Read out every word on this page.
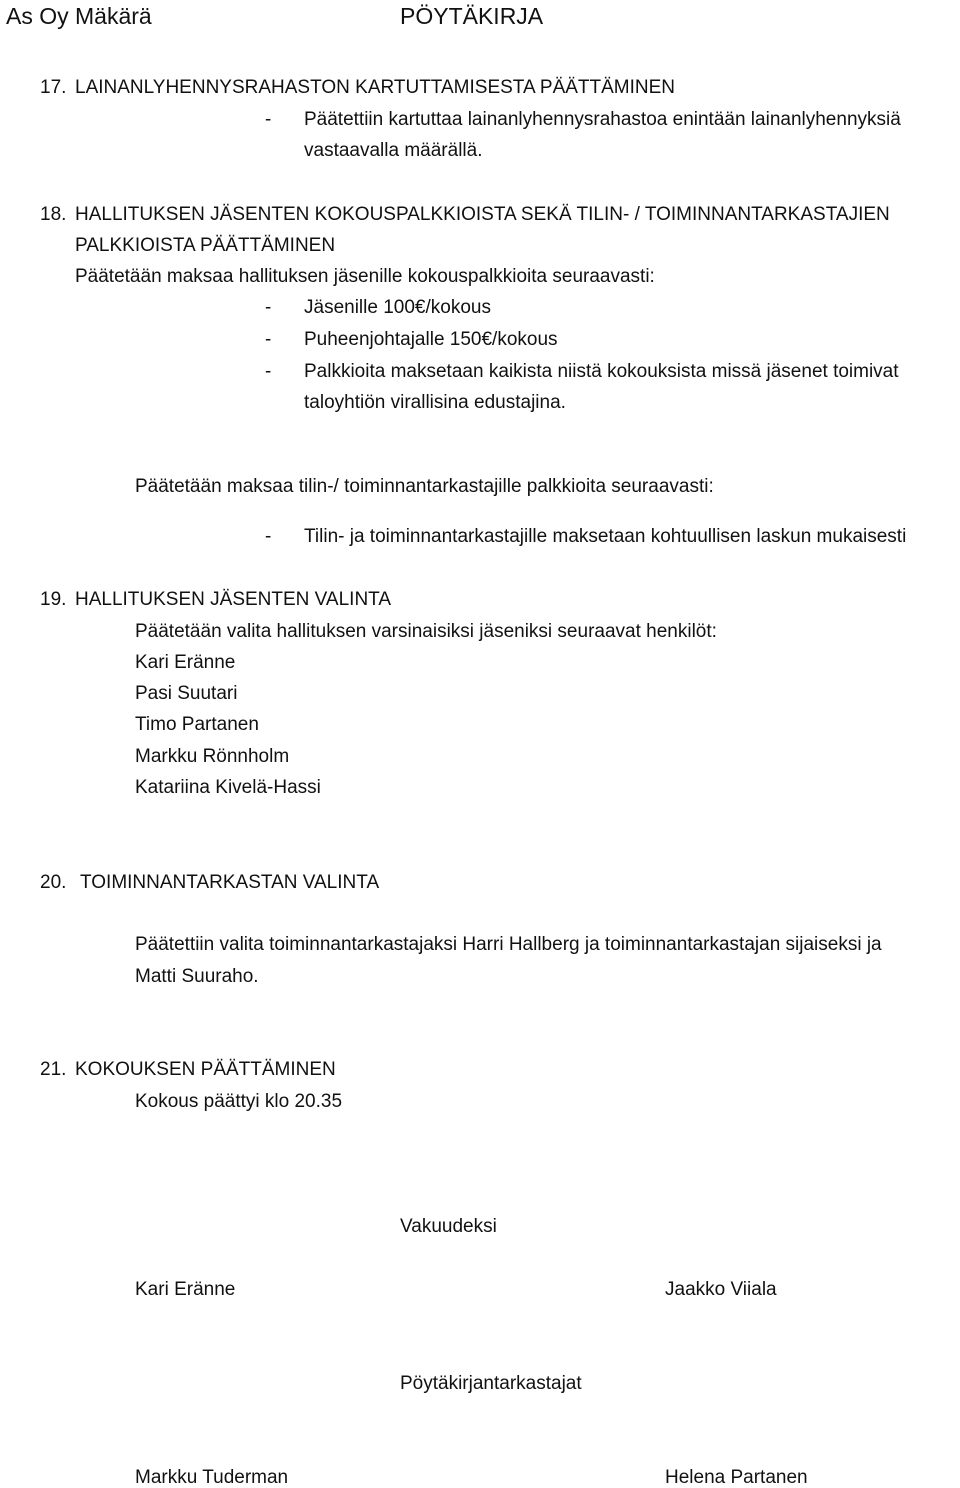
As Oy Mäkärä	PÖYTÄKIRJA
17. LAINANLYHENNYSRAHASTON KARTUTTAMISESTA PÄÄTTÄMINEN
- Päätettiin kartuttaa lainanlyhennysrahastoa enintään lainanlyhennyksiä
vastaavalla määrällä.
18. HALLITUKSEN JÄSENTEN KOKOUSPALKKIOISTA SEKÄ TILIN- / TOIMINNANTARKASTAJIEN
PALKKIOISTA PÄÄTTÄMINEN
Päätetään maksaa hallituksen jäsenille kokouspalkkioita seuraavasti:
- Jäsenille 100€/kokous
- Puheenjohtajalle 150€/kokous
- Palkkioita maksetaan kaikista niistä kokouksista missä jäsenet toimivat
taloyhtiön virallisina edustajina.
Päätetään maksaa tilin-/ toiminnantarkastajille palkkioita seuraavasti:
- Tilin- ja toiminnantarkastajille maksetaan kohtuullisen laskun mukaisesti
19. HALLITUKSEN JÄSENTEN VALINTA
Päätetään valita hallituksen varsinaisiksi jäseniksi seuraavat henkilöt:
Kari Eränne
Pasi Suutari
Timo Partanen
Markku Rönnholm
Katariina Kivelä-Hassi
20. TOIMINNANTARKASTAN VALINTA
Päätettiin valita toiminnantarkastajaksi Harri Hallberg ja toiminnantarkastajan sijaiseksi ja
Matti Suuraho.
21. KOKOUKSEN PÄÄTTÄMINEN
Kokous päättyi klo 20.35
Vakuudeksi
Kari Eränne	Jaakko Viiala
Pöytäkirjantarkastajat
Markku Tuderman	Helena Partanen
